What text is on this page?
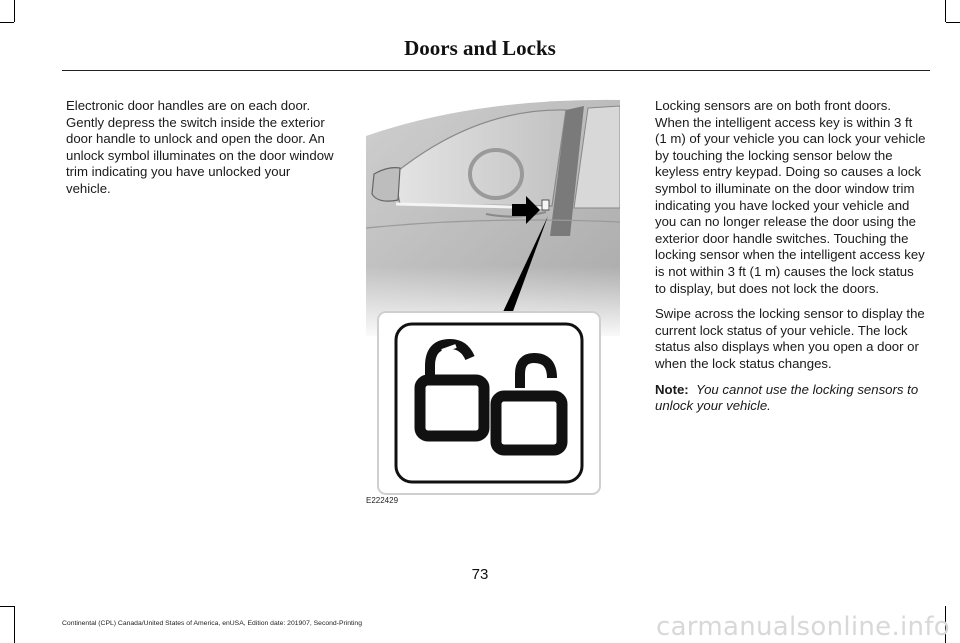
Doors and Locks

Electronic door handles are on each door. Gently depress the switch inside the exterior door handle to unlock and open the door. An unlock symbol illuminates on the door window trim indicating you have unlocked your vehicle.

E222429

Locking sensors are on both front doors. When the intelligent access key is within 3 ft (1 m) of your vehicle you can lock your vehicle by touching the locking sensor below the keyless entry keypad. Doing so causes a lock symbol to illuminate on the door window trim indicating you have locked your vehicle and you can no longer release the door using the exterior door handle switches. Touching the locking sensor when the intelligent access key is not within 3 ft (1 m) causes the lock status to display, but does not lock the doors.

Swipe across the locking sensor to display the current lock status of your vehicle. The lock status also displays when you open a door or when the lock status changes.

Note: You cannot use the locking sensors to unlock your vehicle.

73
Continental (CPL) Canada/United States of America, enUSA, Edition date: 201907, Second-Printing	carmanualsonline.info
